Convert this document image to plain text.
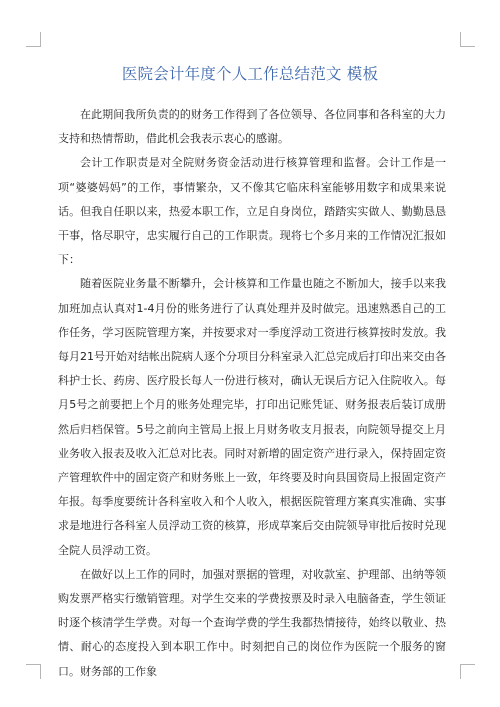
医院会计年度个人工作总结范文 模板

在此期间我所负责的的财务工作得到了各位领导、各位同事和各科室的大力支持和热情帮助，借此机会我表示衷心的感谢。

会计工作职责是对全院财务资金活动进行核算管理和监督。会计工作是一项“婆婆妈妈”的工作，事情繁杂，又不像其它临床科室能够用数字和成果来说话。但我自任职以来，热爱本职工作，立足自身岗位，踏踏实实做人、勤勤恳恳干事，恪尽职守，忠实履行自己的工作职责。现将七个多月来的工作情况汇报如下：

随着医院业务量不断攀升，会计核算和工作量也随之不断加大，接手以来我加班加点认真对1-4月份的账务进行了认真处理并及时做完。迅速熟悉自己的工作任务，学习医院管理方案，并按要求对一季度浮动工资进行核算按时发放。我每月21号开始对结帐出院病人逐个分项目分科室录入汇总完成后打印出来交由各科护士长、药房、医疗股长每人一份进行核对，确认无误后方记入住院收入。每月5号之前要把上个月的账务处理完毕，打印出记账凭证、财务报表后装订成册然后归档保管。5号之前向主管局上报上月财务收支月报表，向院领导提交上月业务收入报表及收入汇总对比表。同时对新增的固定资产进行录入，保持固定资产管理软件中的固定资产和财务账上一致，年终要及时向县国资局上报固定资产年报。每季度要统计各科室收入和个人收入，根据医院管理方案真实准确、实事求是地进行各科室人员浮动工资的核算，形成草案后交由院领导审批后按时兑现全院人员浮动工资。

在做好以上工作的同时，加强对票据的管理，对收款室、护理部、出纳等领购发票严格实行缴销管理。对学生交来的学费按票及时录入电脑备查，学生领证时逐个核清学生学费。对每一个查询学费的学生我都热情接待，始终以敬业、热情、耐心的态度投入到本职工作中。时刻把自己的岗位作为医院一个服务的窗口。财务部的工作象
